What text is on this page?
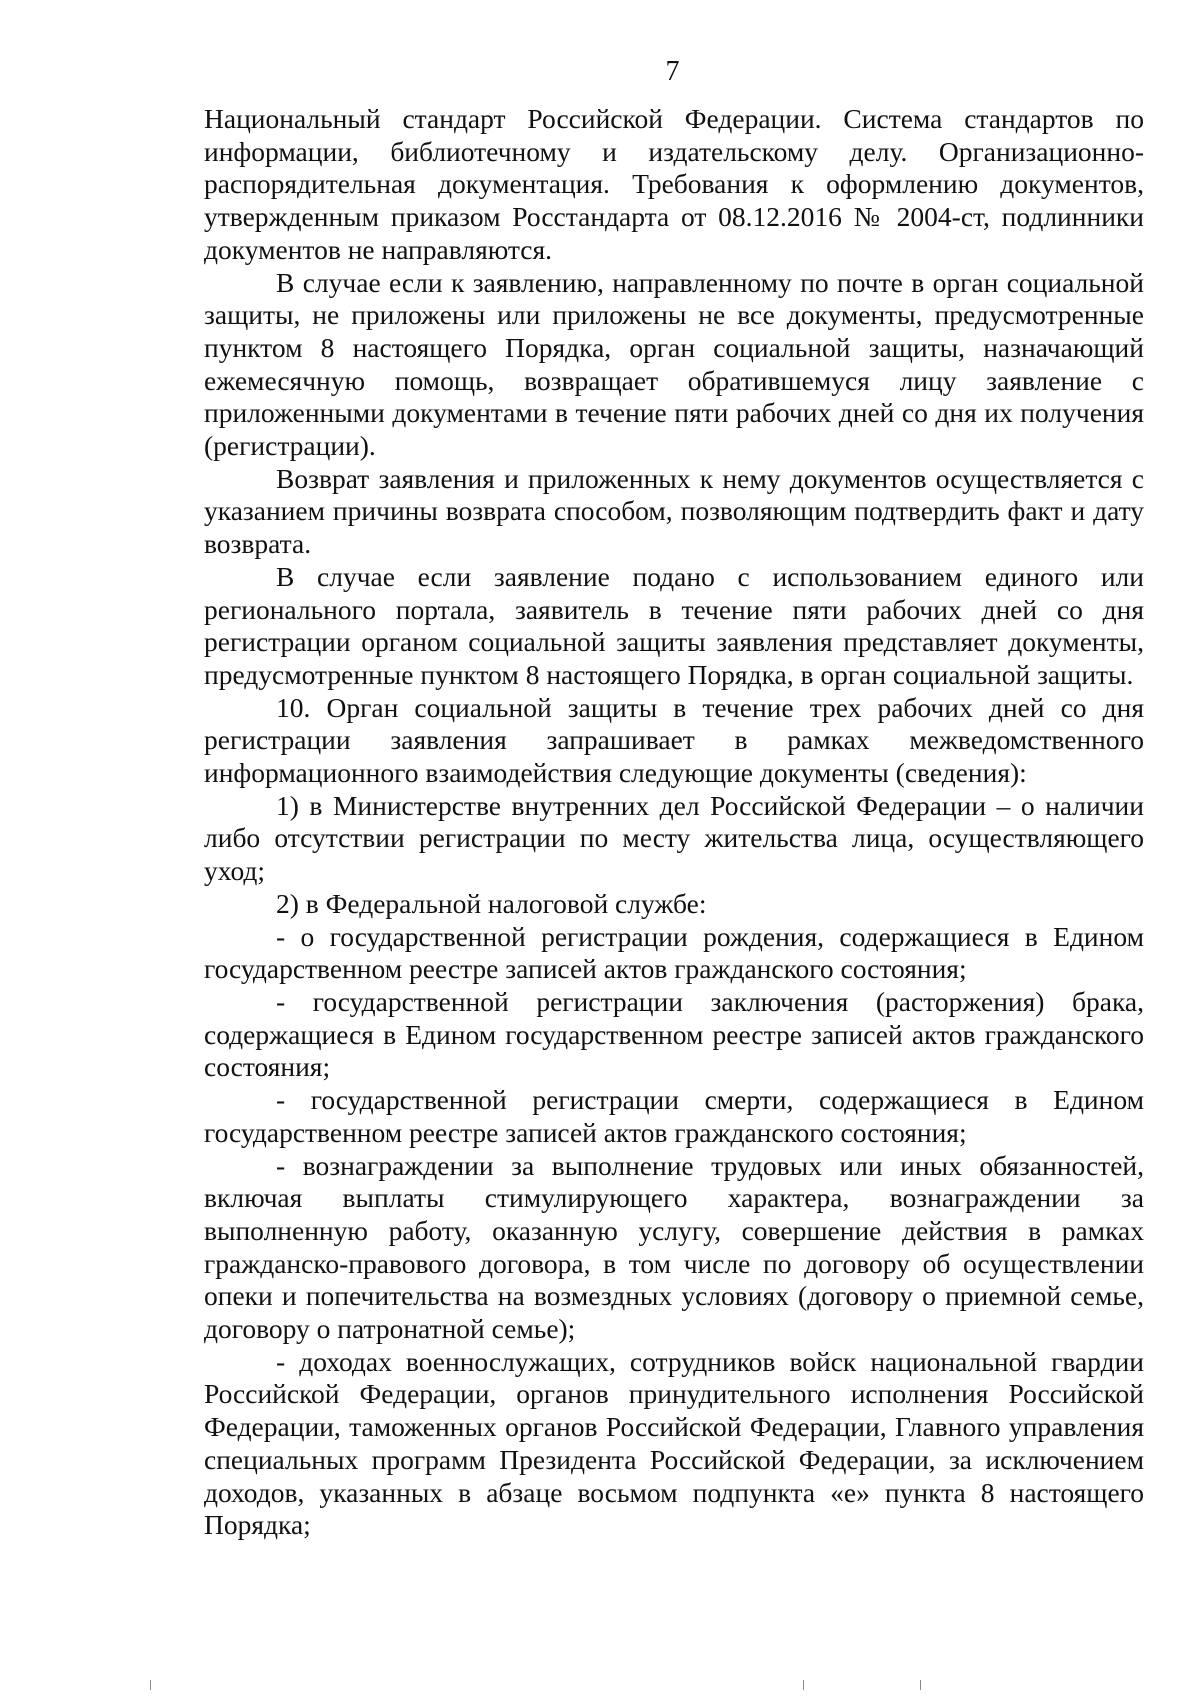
7

Национальный стандарт Российской Федерации. Система стандартов по информации, библиотечному и издательскому делу. Организационно-распорядительная документация. Требования к оформлению документов, утвержденным приказом Росстандарта от 08.12.2016 № 2004-ст, подлинники документов не направляются.

В случае если к заявлению, направленному по почте в орган социальной защиты, не приложены или приложены не все документы, предусмотренные пунктом 8 настоящего Порядка, орган социальной защиты, назначающий ежемесячную помощь, возвращает обратившемуся лицу заявление с приложенными документами в течение пяти рабочих дней со дня их получения (регистрации).

Возврат заявления и приложенных к нему документов осуществляется с указанием причины возврата способом, позволяющим подтвердить факт и дату возврата.

В случае если заявление подано с использованием единого или регионального портала, заявитель в течение пяти рабочих дней со дня регистрации органом социальной защиты заявления представляет документы, предусмотренные пунктом 8 настоящего Порядка, в орган социальной защиты.

10. Орган социальной защиты в течение трех рабочих дней со дня регистрации заявления запрашивает в рамках межведомственного информационного взаимодействия следующие документы (сведения):

1) в Министерстве внутренних дел Российской Федерации – о наличии либо отсутствии регистрации по месту жительства лица, осуществляющего уход;

2) в Федеральной налоговой службе:

- о государственной регистрации рождения, содержащиеся в Едином государственном реестре записей актов гражданского состояния;

- государственной регистрации заключения (расторжения) брака, содержащиеся в Едином государственном реестре записей актов гражданского состояния;

- государственной регистрации смерти, содержащиеся в Едином государственном реестре записей актов гражданского состояния;

- вознаграждении за выполнение трудовых или иных обязанностей, включая выплаты стимулирующего характера, вознаграждении за выполненную работу, оказанную услугу, совершение действия в рамках гражданско-правового договора, в том числе по договору об осуществлении опеки и попечительства на возмездных условиях (договору о приемной семье, договору о патронатной семье);

- доходах военнослужащих, сотрудников войск национальной гвардии Российской Федерации, органов принудительного исполнения Российской Федерации, таможенных органов Российской Федерации, Главного управления специальных программ Президента Российской Федерации, за исключением доходов, указанных в абзаце восьмом подпункта «е» пункта 8 настоящего Порядка;
